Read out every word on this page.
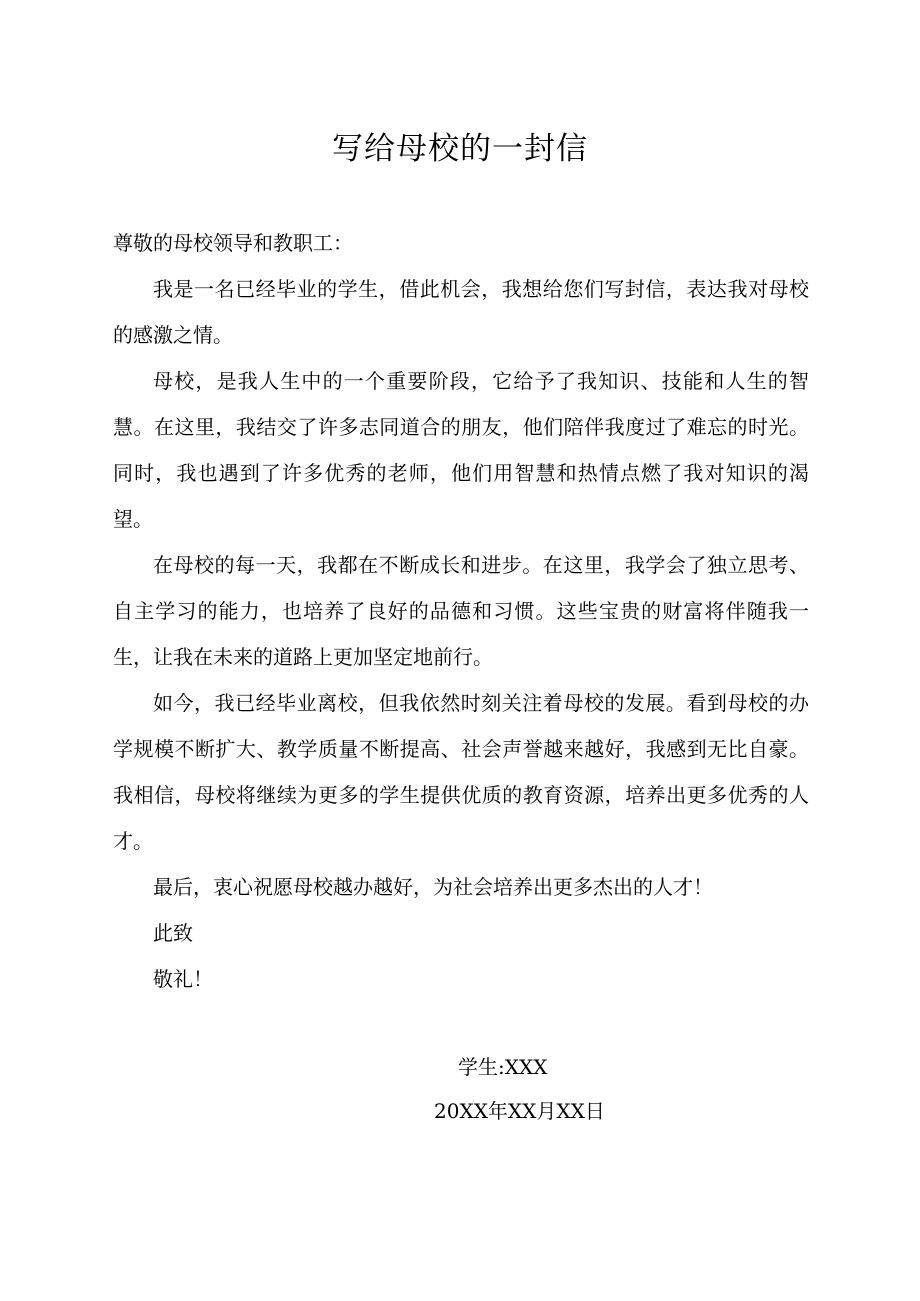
写给母校的一封信

尊敬的母校领导和教职工：

我是一名已经毕业的学生，借此机会，我想给您们写封信，表达我对母校的感激之情。

母校，是我人生中的一个重要阶段，它给予了我知识、技能和人生的智慧。在这里，我结交了许多志同道合的朋友，他们陪伴我度过了难忘的时光。同时，我也遇到了许多优秀的老师，他们用智慧和热情点燃了我对知识的渴望。

在母校的每一天，我都在不断成长和进步。在这里，我学会了独立思考、自主学习的能力，也培养了良好的品德和习惯。这些宝贵的财富将伴随我一生，让我在未来的道路上更加坚定地前行。

如今，我已经毕业离校，但我依然时刻关注着母校的发展。看到母校的办学规模不断扩大、教学质量不断提高、社会声誉越来越好，我感到无比自豪。我相信，母校将继续为更多的学生提供优质的教育资源，培养出更多优秀的人才。

最后，衷心祝愿母校越办越好，为社会培养出更多杰出的人才！

此致

敬礼！

学生:XXX
20XX年XX月XX日
